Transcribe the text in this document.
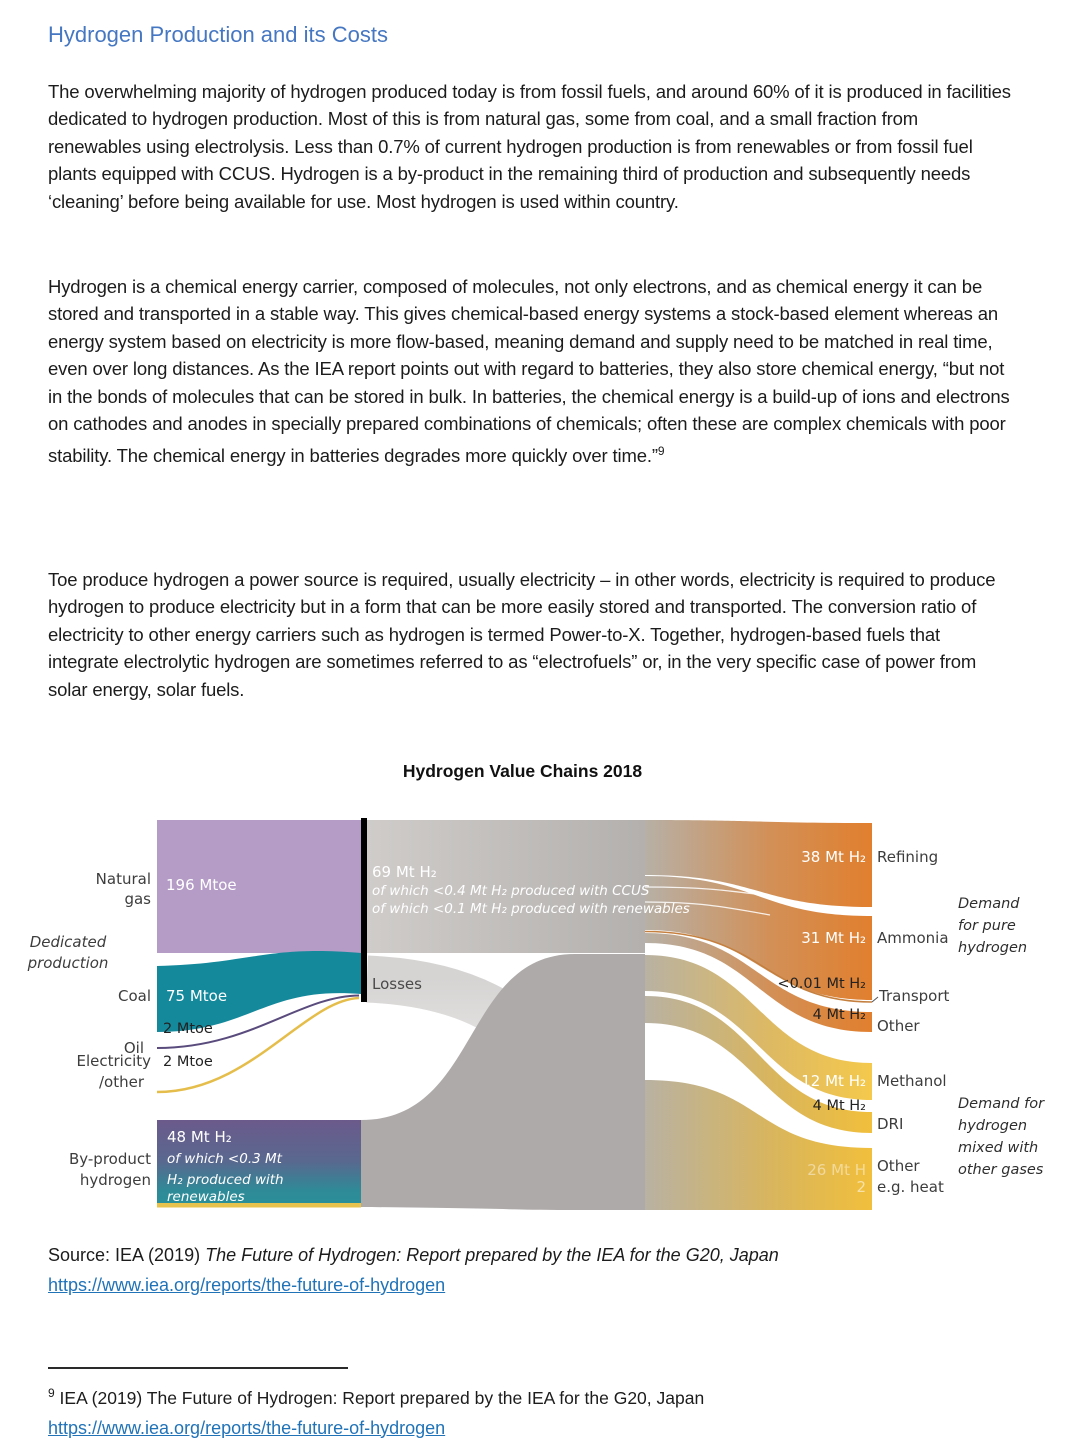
Hydrogen Production and its Costs

The overwhelming majority of hydrogen produced today is from fossil fuels, and around 60% of it is produced in facilities dedicated to hydrogen production. Most of this is from natural gas, some from coal, and a small fraction from renewables using electrolysis. Less than 0.7% of current hydrogen production is from renewables or from fossil fuel plants equipped with CCUS. Hydrogen is a by-product in the remaining third of production and subsequently needs ‘cleaning’ before being available for use. Most hydrogen is used within country.

Hydrogen is a chemical energy carrier, composed of molecules, not only electrons, and as chemical energy it can be stored and transported in a stable way. This gives chemical-based energy systems a stock-based element whereas an energy system based on electricity is more flow-based, meaning demand and supply need to be matched in real time, even over long distances. As the IEA report points out with regard to batteries, they also store chemical energy, “but not in the bonds of molecules that can be stored in bulk. In batteries, the chemical energy is a build-up of ions and electrons on cathodes and anodes in specially prepared combinations of chemicals; often these are complex chemicals with poor stability. The chemical energy in batteries degrades more quickly over time.”$^9$

Toe produce hydrogen a power source is required, usually electricity – in other words, electricity is required to produce hydrogen to produce electricity but in a form that can be more easily stored and transported. The conversion ratio of electricity to other energy carriers such as hydrogen is termed Power-to-X. Together, hydrogen-based fuels that integrate electrolytic hydrogen are sometimes referred to as “electrofuels” or, in the very specific case of power from solar energy, solar fuels.

Hydrogen Value Chains 2018
Natural
gas
196 Mtoe
Dedicated
production
Coal 75 Mtoe
2 Mtoe
Oil
Electricity 2 Mtoe
/other
By-product
hydrogen
48 Mt H₂
of which <0.3 Mt
H₂ produced with
renewables
69 Mt H₂
of which <0.4 Mt H₂ produced with CCUS
of which <0.1 Mt H₂ produced with renewables
Losses
38 Mt H₂ Refining
31 Mt H₂ Ammonia
<0.01 Mt H₂
Transport
4 Mt H₂
Other
12 Mt H₂ Methanol
4 Mt H₂
DRI
26 Mt H
2
Other
e.g. heat
Demand
for pure
hydrogen
Demand for
hydrogen
mixed with
other gases
Source: IEA (2019) The Future of Hydrogen: Report prepared by the IEA for the G20, Japan
https://www.iea.org/reports/the-future-of-hydrogen
$^9$ IEA (2019) The Future of Hydrogen: Report prepared by the IEA for the G20, Japan
https://www.iea.org/reports/the-future-of-hydrogen
